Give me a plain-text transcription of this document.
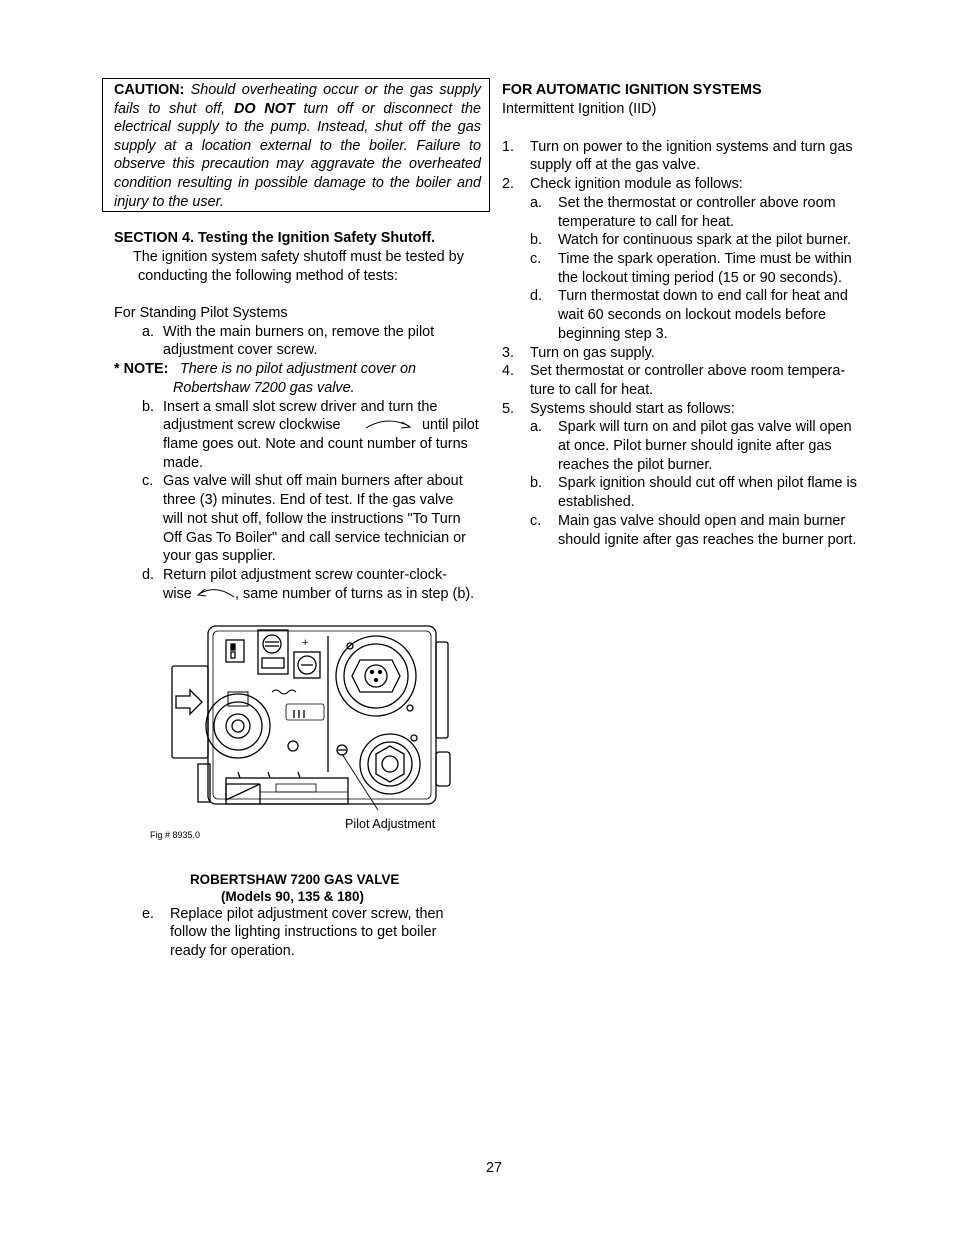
CAUTION: Should overheating occur or the gas supply fails to shut off, DO NOT turn off or disconnect the electrical supply to the pump. Instead, shut off the gas supply at a location external to the boiler. Failure to observe this precaution may aggravate the overheated condition resulting in possible damage to the boiler and injury to the user.
SECTION 4. Testing the Ignition Safety Shutoff.
The ignition system safety shutoff must be tested by
conducting the following method of tests:
For Standing Pilot Systems
a. With the main burners on, remove the pilot
adjustment cover screw.
* NOTE: There is no pilot adjustment cover on
Robertshaw 7200 gas valve.
b. Insert a small slot screw driver and turn the
adjustment screw clockwise	until pilot
flame goes out. Note and count number of turns
made.
c. Gas valve will shut off main burners after about
three (3) minutes. End of test. If the gas valve
will not shut off, follow the instructions "To Turn
Off Gas To Boiler" and call service technician or
your gas supplier.
d. Return pilot adjustment screw counter-clock-
wise	, same number of turns as in step (b).
+
Pilot Adjustment
Fig # 8935.0
ROBERTSHAW 7200 GAS VALVE
(Models 90, 135 & 180)
e. Replace pilot adjustment cover screw, then
follow the lighting instructions to get boiler
ready for operation.
FOR AUTOMATIC IGNITION SYSTEMS
Intermittent Ignition (IID)
1. Turn on power to the ignition systems and turn gas
supply off at the gas valve.
2. Check ignition module as follows:
a. Set the thermostat or controller above room
temperature to call for heat.
b. Watch for continuous spark at the pilot burner.
c. Time the spark operation. Time must be within
the lockout timing period (15 or 90 seconds).
d. Turn thermostat down to end call for heat and
wait 60 seconds on lockout models before
beginning step 3.
3. Turn on gas supply.
4. Set thermostat or controller above room tempera-
ture to call for heat.
5. Systems should start as follows:
a. Spark will turn on and pilot gas valve will open
at once. Pilot burner should ignite after gas
reaches the pilot burner.
b. Spark ignition should cut off when pilot flame is
established.
c. Main gas valve should open and main burner
should ignite after gas reaches the burner port.
27
